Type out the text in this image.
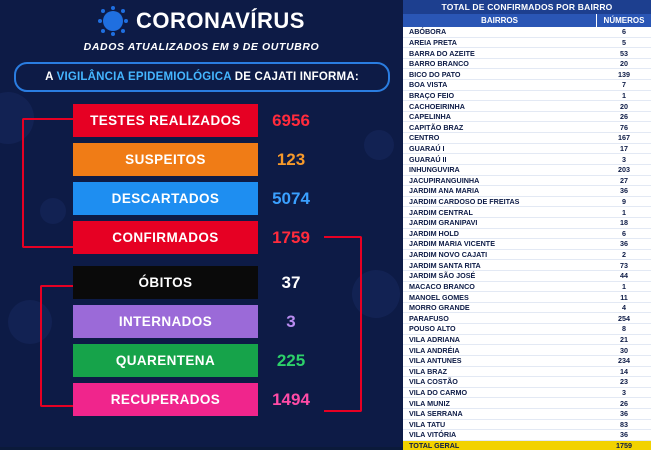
CORONAVÍRUS
DADOS ATUALIZADOS EM 9 DE OUTUBRO
A VIGILÂNCIA EPIDEMIOLÓGICA DE CAJATI INFORMA:
TESTES REALIZADOS	6956
SUSPEITOS	123
DESCARTADOS	5074
CONFIRMADOS	1759
ÓBITOS	37
INTERNADOS	3
QUARENTENA	225
RECUPERADOS	1494
TOTAL DE CONFIRMADOS POR BAIRRO
BAIRROS	NÚMEROS
ABÓBORA	6
AREIA PRETA	5
BARRA DO AZEITE	53
BARRO BRANCO	20
BICO DO PATO	139
BOA VISTA	7
BRAÇO FEIO	1
CACHOEIRINHA	20
CAPELINHA	26
CAPITÃO BRAZ	76
CENTRO	167
GUARAÚ I	17
GUARAÚ II	3
INHUNGUVIRA	203
JACUPIRANGUINHA	27
JARDIM ANA MARIA	36
JARDIM CARDOSO DE FREITAS	9
JARDIM CENTRAL	1
JARDIM GRANIPAVI	18
JARDIM HOLD	6
JARDIM MARIA VICENTE	36
JARDIM NOVO CAJATI	2
JARDIM SANTA RITA	73
JARDIM SÃO JOSÉ	44
MACACO BRANCO	1
MANOEL GOMES	11
MORRO GRANDE	4
PARAFUSO	254
POUSO ALTO	8
VILA ADRIANA	21
VILA ANDRÉIA	30
VILA ANTUNES	234
VILA BRAZ	14
VILA COSTÃO	23
VILA DO CARMO	3
VILA MUNIZ	26
VILA SERRANA	36
VILA TATU	83
VILA VITÓRIA	36
TOTAL GERAL	1759
